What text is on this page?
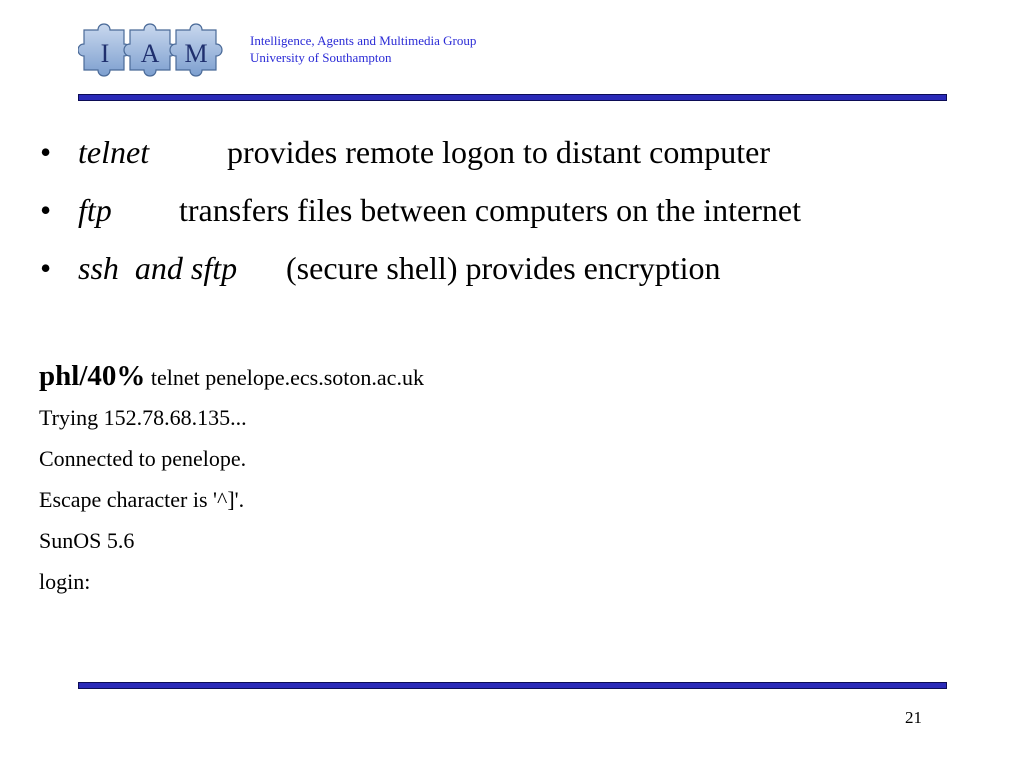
I A M	Intelligence, Agents and Multimedia Group
University of Southampton
• telnet provides remote logon to distant computer
• ftp transfers files between computers on the internet
• ssh  and sftp (secure shell) provides encryption
phl/40% telnet penelope.ecs.soton.ac.uk
Trying 152.78.68.135...
Connected to penelope.
Escape character is '^]'.
SunOS 5.6
login:
21
